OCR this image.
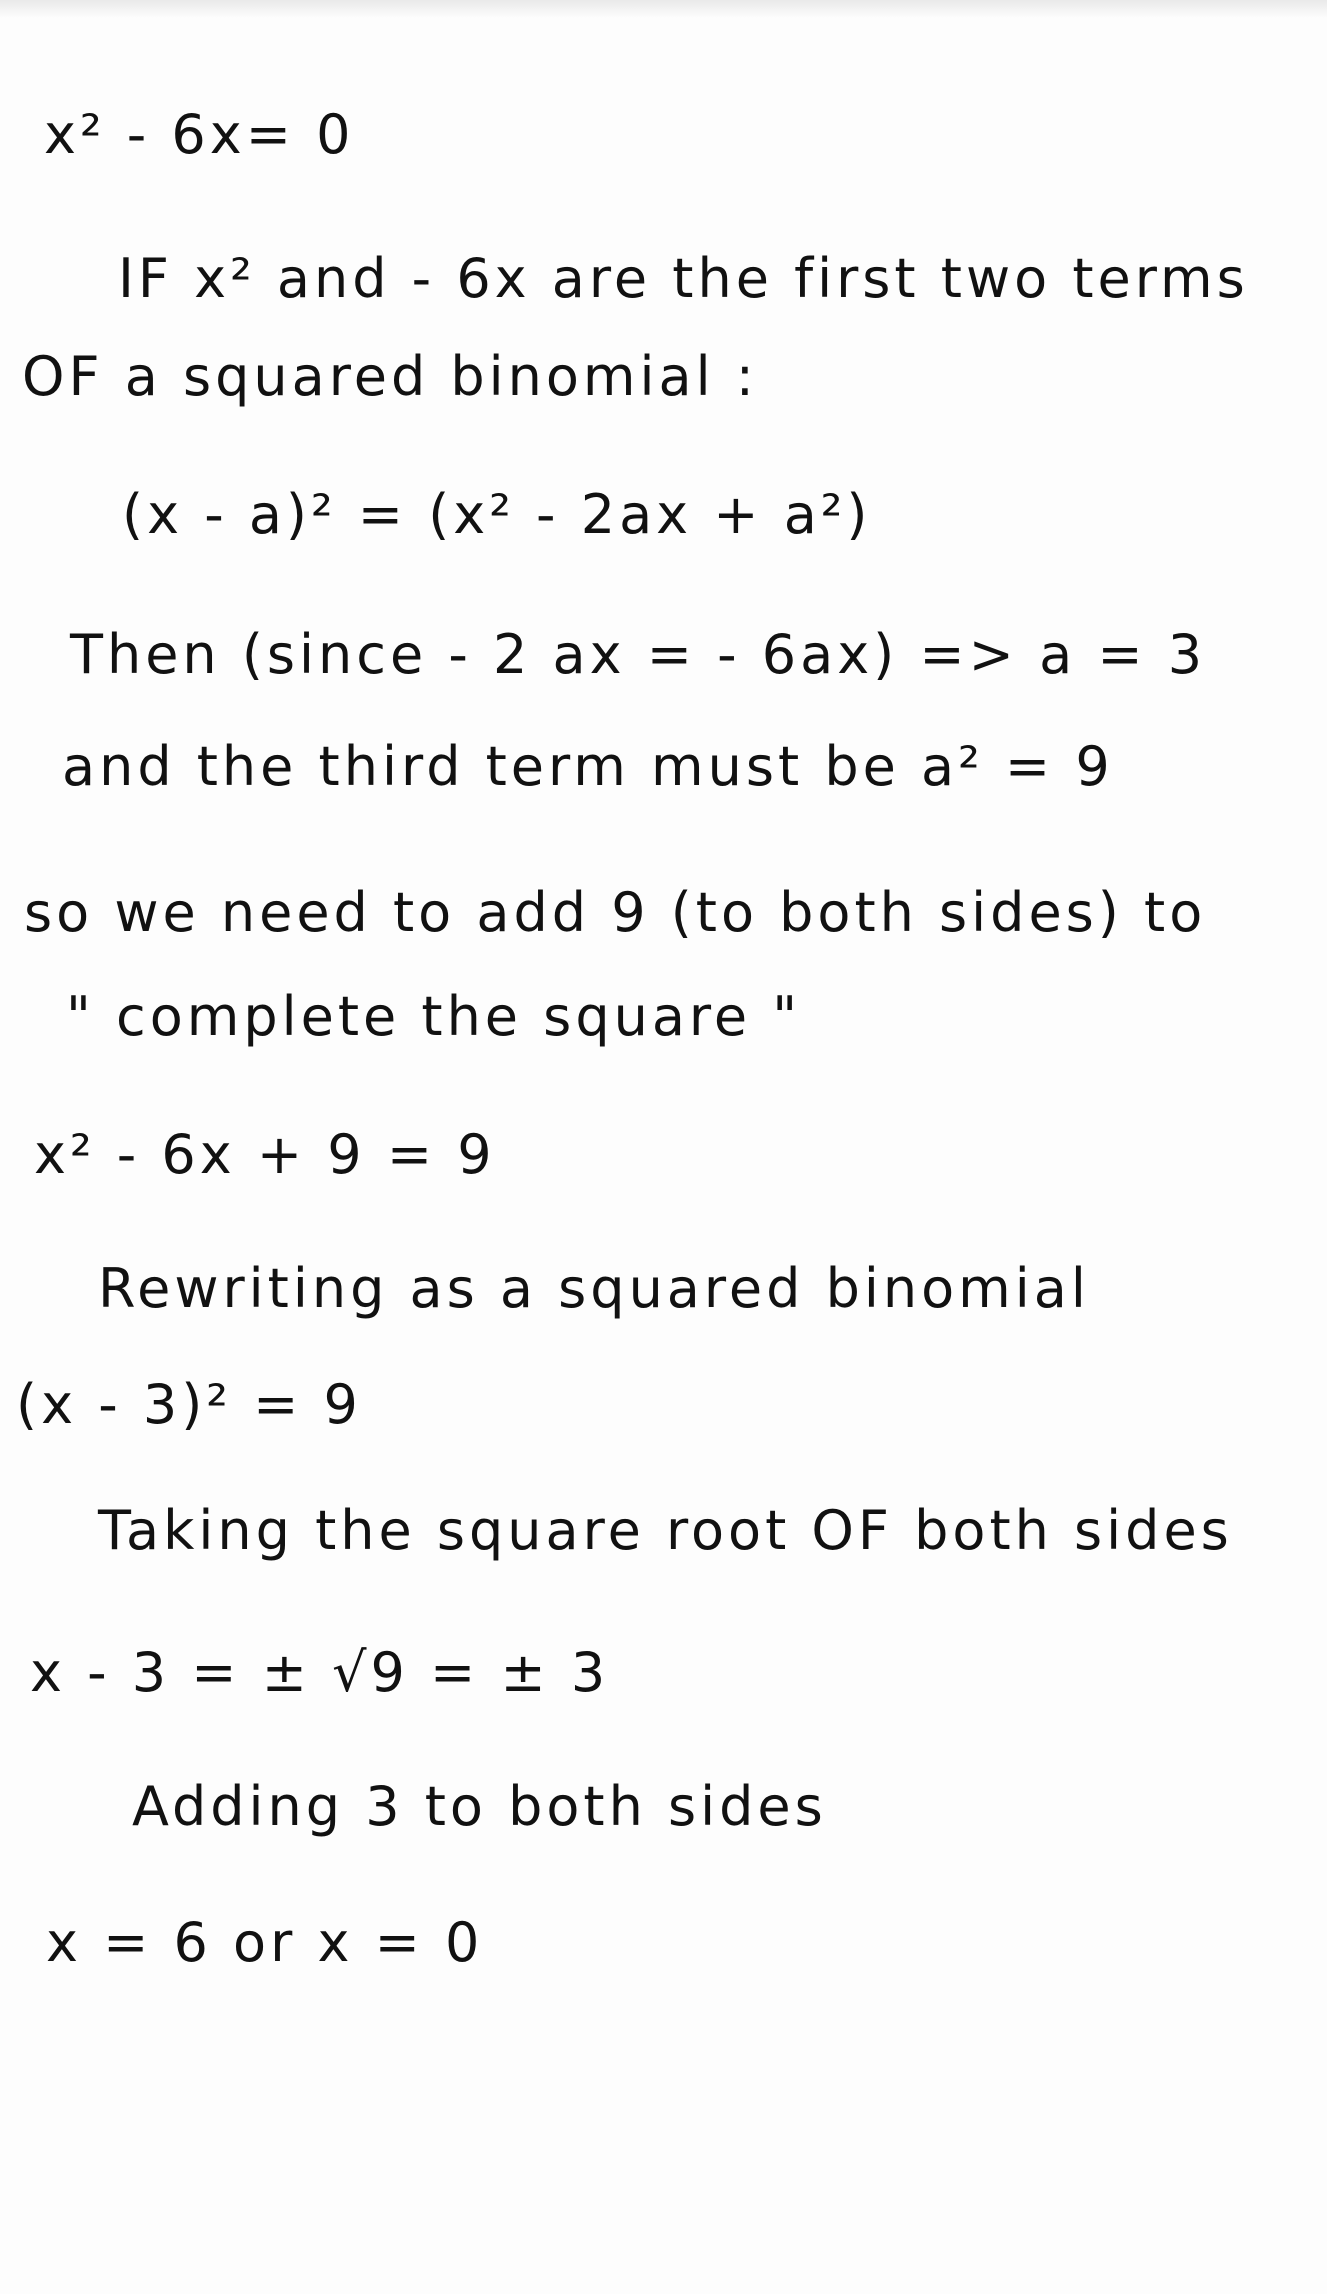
x² - 6x= 0
IF x² and - 6x are the first two terms
OF a squared binomial :
(x - a)² = (x² - 2ax + a²)
Then (since - 2 ax = - 6ax) => a = 3
and the third term must be a² = 9
so we need to add 9 (to both sides) to
" complete the square "
x² - 6x + 9 = 9
Rewriting as a squared binomial
(x - 3)² = 9
Taking the square root OF both sides
x - 3 = ± √9 = ± 3
Adding 3 to both sides
x = 6 or x = 0
